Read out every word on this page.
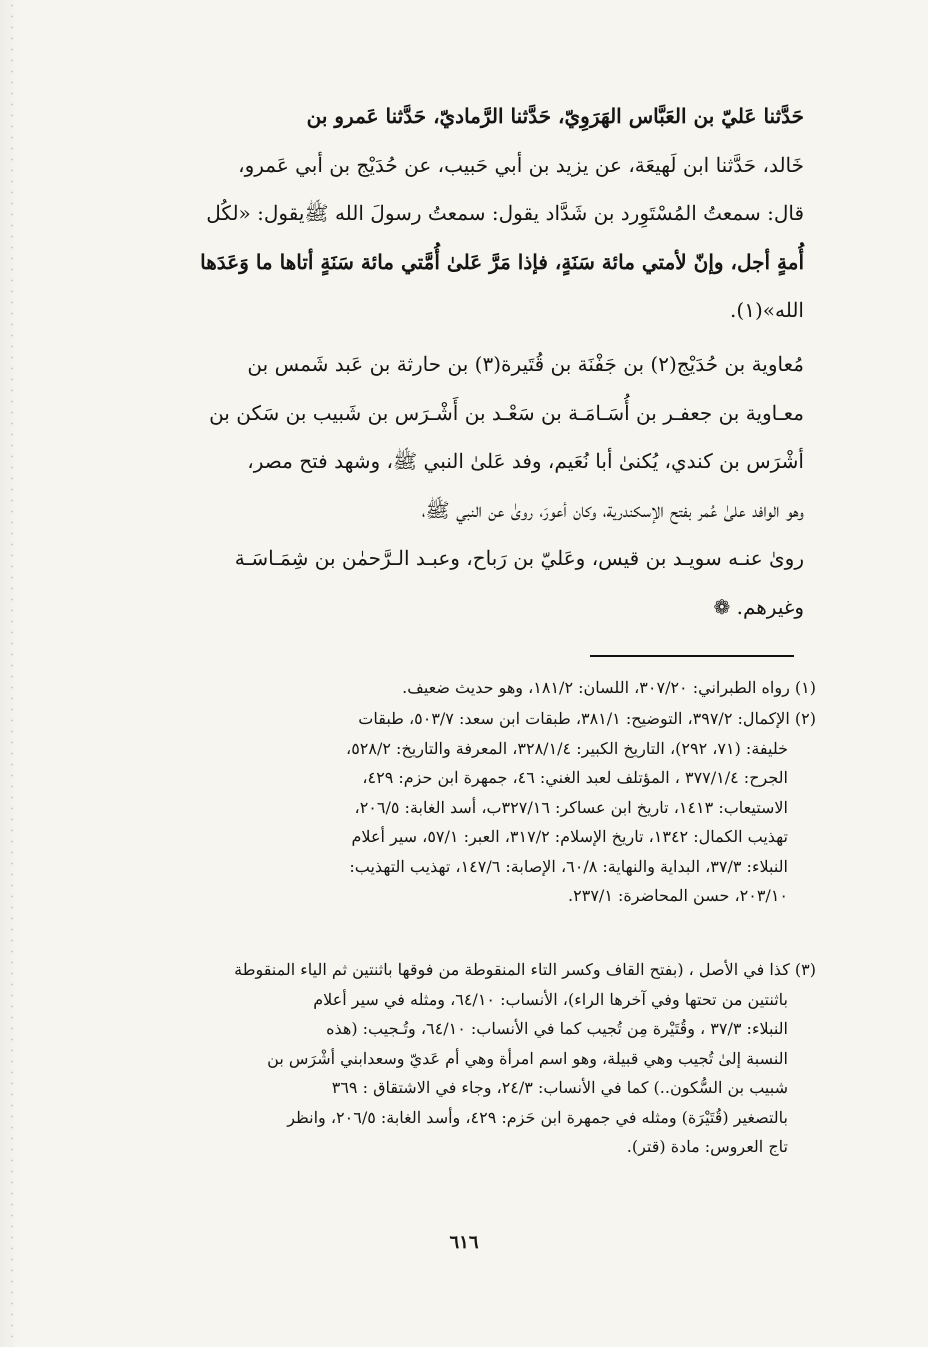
حَدَّثنا عَليّ بن العَبَّاس الهَرَوِيّ، حَدَّثنا الرَّماديّ، حَدَّثنا عَمرو بن
خَالد، حَدَّثنا ابن لَهيعَة، عن يزيد بن أبي حَبيب، عن حُدَيْج بن أبي عَمرو،
قال: سمعتُ المُسْتَوِرد بن شَدَّاد يقول: سمعتُ رسولَ الله ﷺيقول: «لكُل
أُمةٍ أجل، وإنّ لأمتي مائة سَنَةٍ، فإذا مَرَّ عَلىٰ أُمَّتي مائة سَنَةٍ أتاها ما وَعَدَها
الله»(١).

مُعاوية بن حُدَيْج(٢) بن جَفْنَة بن قُتَيرة(٣) بن حارثة بن عَبد شَمس بن
معـاوية بن جعفـر بن أُسَـامَـة بن سَعْـد بن أَشْـرَس بن شَبيب بن سَكن بن
أشْرَس بن كندي، يُكنىٰ أبا نُعَيم، وفد عَلىٰ النبي ﷺ، وشهد فتح مصر،
وهو الوافد علىٰ عُمر بفتح الإسكندرية، وكان أعورَ، روىٰ عن النبي ﷺ،
روىٰ عنـه سويـد بن قيس، وعَليّ بن رَباح، وعبـد الـرَّحمٰن بن شِمَـاسَـة
وغيرهم. ❁

(١) رواه الطبراني: ٣٠٧/٢٠، اللسان: ١٨١/٢، وهو حديث ضعيف.

(٢) الإكمال: ٣٩٧/٢، التوضيح: ٣٨١/١، طبقات ابن سعد: ٥٠٣/٧، طبقات
خليفة: (٧١، ٢٩٢)، التاريخ الكبير: ٣٢٨/١/٤، المعرفة والتاريخ: ٥٢٨/٢،
الجرح: ٣٧٧/١/٤ ، المؤتلف لعبد الغني: ٤٦، جمهرة ابن حزم: ٤٢٩،
الاستيعاب: ١٤١٣، تاريخ ابن عساكر: ٣٢٧/١٦ب، أسد الغابة: ٢٠٦/٥،
تهذيب الكمال: ١٣٤٢، تاريخ الإسلام: ٣١٧/٢، العبر: ٥٧/١، سير أعلام
النبلاء: ٣٧/٣، البداية والنهاية: ٦٠/٨، الإصابة: ١٤٧/٦، تهذيب التهذيب:
٢٠٣/١٠، حسن المحاضرة: ٢٣٧/١.

(٣) كذا في الأصل ، (بفتح القاف وكسر التاء المنقوطة من فوقها باثنتين ثم الياء المنقوطة
باثنتين من تحتها وفي آخرها الراء)، الأنساب: ٦٤/١٠، ومثله في سير أعلام
النبلاء: ٣٧/٣ ، وقُتَيْرة مِن تُجيب كما في الأنساب: ٦٤/١٠، وتُـجيب: (هذه
النسبة إلىٰ تُجيب وهي قبيلة، وهو اسم امرأة وهي أم عَديّ وسعدابني أشْرَس بن
شبيب بن السُّكون..) كما في الأنساب: ٢٤/٣، وجاء في الاشتقاق : ٣٦٩
بالتصغير (قُتَيْرَة) ومثله في جمهرة ابن حَزم: ٤٢٩، وأسد الغابة: ٢٠٦/٥، وانظر
تاج العروس: مادة (قتر).

٦١٦
